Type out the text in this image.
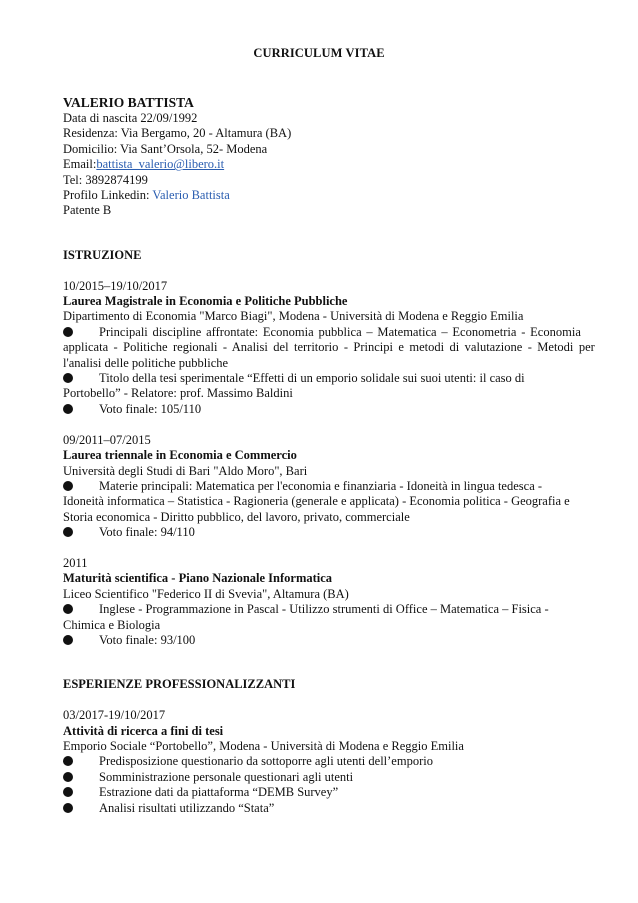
CURRICULUM VITAE
VALERIO BATTISTA
Data di nascita 22/09/1992
Residenza: Via Bergamo, 20 - Altamura (BA)
Domicilio: Via Sant’Orsola, 52- Modena
Email:battista_valerio@libero.it
Tel: 3892874199
Profilo Linkedin: Valerio Battista
Patente B
ISTRUZIONE
10/2015–19/10/2017
Laurea Magistrale in Economia e Politiche Pubbliche
Dipartimento di Economia "Marco Biagi", Modena - Università di Modena e Reggio Emilia
Principali discipline affrontate: Economia pubblica – Matematica – Econometria - Economia
applicata - Politiche regionali - Analisi del territorio - Principi e metodi di valutazione - Metodi per
l'analisi delle politiche pubbliche
Titolo della tesi sperimentale “Effetti di un emporio solidale sui suoi utenti: il caso di
Portobello” - Relatore: prof. Massimo Baldini
Voto finale: 105/110
09/2011–07/2015
Laurea triennale in Economia e Commercio
Università degli Studi di Bari "Aldo Moro", Bari
Materie principali: Matematica per l'economia e finanziaria - Idoneità in lingua tedesca -
Idoneità informatica – Statistica - Ragioneria (generale e applicata) - Economia politica - Geografia e
Storia economica - Diritto pubblico, del lavoro, privato, commerciale
Voto finale: 94/110
2011
Maturità scientifica - Piano Nazionale Informatica
Liceo Scientifico "Federico II di Svevia", Altamura (BA)
Inglese - Programmazione in Pascal - Utilizzo strumenti di Office – Matematica – Fisica -
Chimica e Biologia
Voto finale: 93/100
ESPERIENZE PROFESSIONALIZZANTI
03/2017-19/10/2017
Attività di ricerca a fini di tesi
Emporio Sociale “Portobello”, Modena - Università di Modena e Reggio Emilia
Predisposizione questionario da sottoporre agli utenti dell’emporio
Somministrazione personale questionari agli utenti
Estrazione dati da piattaforma “DEMB Survey”
Analisi risultati utilizzando “Stata”
